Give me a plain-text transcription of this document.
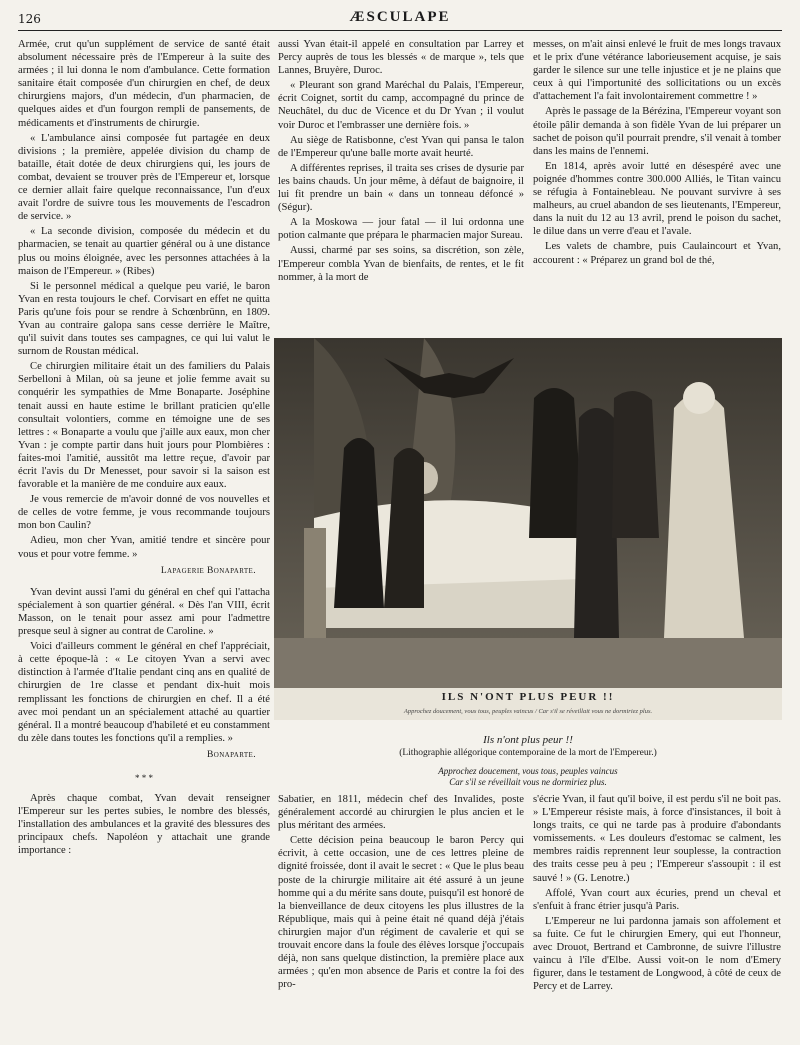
126	ÆSCULAPE

Armée, crut qu'un supplément de service de santé était absolument nécessaire près de l'Empereur à la suite des armées ; il lui donna le nom d'ambulance. Cette formation sanitaire était composée d'un chirurgien en chef, de deux chirurgiens majors, d'un médecin, d'un pharmacien, de quelques aides et d'un fourgon rempli de pansements, de médicaments et d'instruments de chirurgie.

« L'ambulance ainsi composée fut partagée en deux divisions ; la première, appelée division du champ de bataille, était dotée de deux chirurgiens qui, les jours de combat, devaient se trouver près de l'Empereur et, lorsque ce dernier allait faire quelque reconnaissance, l'un d'eux avait l'ordre de suivre tous les mouvements de l'escadron de service. »

« La seconde division, composée du médecin et du pharmacien, se tenait au quartier général ou à une distance plus ou moins éloignée, avec les personnes attachées à la maison de l'Empereur. » (Ribes)

Si le personnel médical a quelque peu varié, le baron Yvan en resta toujours le chef. Corvisart en effet ne quitta Paris qu'une fois pour se rendre à Schœnbrünn, en 1809. Yvan au contraire galopa sans cesse derrière le Maître, qu'il suivit dans toutes ses campagnes, ce qui lui valut le surnom de Roustan médical.

Ce chirurgien militaire était un des familiers du Palais Serbelloni à Milan, où sa jeune et jolie femme avait su conquérir les sympathies de Mme Bonaparte. Joséphine tenait aussi en haute estime le brillant praticien qu'elle consultait volontiers, comme en témoigne une de ses lettres : « Bonaparte a voulu que j'aille aux eaux, mon cher Yvan : je compte partir dans huit jours pour Plombières : faites-moi l'amitié, aussitôt ma lettre reçue, d'avoir par écrit l'avis du Dr Menesset, pour savoir si la saison est favorable et la manière de me conduire aux eaux.

Je vous remercie de m'avoir donné de vos nouvelles et de celles de votre femme, je vous recommande toujours mon bon Caulin?

Adieu, mon cher Yvan, amitié tendre et sincère pour vous et pour votre femme. »

Lapagerie Bonaparte.

Yvan devint aussi l'ami du général en chef qui l'attacha spécialement à son quartier général. « Dès l'an VIII, écrit Masson, on le tenait pour assez ami pour l'admettre presque seul à signer au contrat de Caroline. »

Voici d'ailleurs comment le général en chef l'appréciait, à cette époque-là : « Le citoyen Yvan a servi avec distinction à l'armée d'Italie pendant cinq ans en qualité de chirurgien de 1re classe et pendant dix-huit mois remplissant les fonctions de chirurgien en chef. Il a été avec moi pendant un an spécialement attaché au quartier général. Il a montré beaucoup d'habileté et eu constamment du zèle dans toutes les fonctions qu'il a remplies. »

Bonaparte.
* * *

Après chaque combat, Yvan devait renseigner l'Empereur sur les pertes subies, le nombre des blessés, l'installation des ambulances et la gravité des blessures des principaux chefs. Napoléon y attachait une grande importance :

aussi Yvan était-il appelé en consultation par Larrey et Percy auprès de tous les blessés « de marque », tels que Lannes, Bruyère, Duroc.

« Pleurant son grand Maréchal du Palais, l'Empereur, écrit Coignet, sortit du camp, accompagné du prince de Neuchâtel, du duc de Vicence et du Dr Yvan ; il voulut voir Duroc et l'embrasser une dernière fois. »

Au siège de Ratisbonne, c'est Yvan qui pansa le talon de l'Empereur qu'une balle morte avait heurté.

A différentes reprises, il traita ses crises de dysurie par les bains chauds. Un jour même, à défaut de baignoire, il lui fit prendre un bain « dans un tonneau défoncé » (Ségur).

A la Moskowa — jour fatal — il lui ordonna une potion calmante que prépara le pharmacien major Sureau.

Aussi, charmé par ses soins, sa discrétion, son zèle, l'Empereur combla Yvan de bienfaits, de rentes, et le fit nommer, à la mort de

messes, on m'ait ainsi enlevé le fruit de mes longs travaux et le prix d'une vétérance laborieusement acquise, je sais garder le silence sur une telle injustice et je ne plains que ceux à qui l'importunité des sollicitations ou un excès d'attachement l'a fait involontairement commettre ! »

Après le passage de la Bérézina, l'Empereur voyant son étoile pâlir demanda à son fidèle Yvan de lui préparer un sachet de poison qu'il pourrait prendre, s'il venait à tomber dans les mains de l'ennemi.

En 1814, après avoir lutté en désespéré avec une poignée d'hommes contre 300.000 Alliés, le Titan vaincu se réfugia à Fontainebleau. Ne pouvant survivre à ses malheurs, au cruel abandon de ses lieutenants, l'Empereur, dans la nuit du 12 au 13 avril, prend le poison du sachet, le dilue dans un verre d'eau et l'avale.

Les valets de chambre, puis Caulaincourt et Yvan, accourent : « Préparez un grand bol de thé,

ILS N'ONT PLUS PEUR !!
Approchez doucement, vous tous, peuples vaincus / Car s'il se réveillait vous ne dormiriez plus.
Ils n'ont plus peur !!
(Lithographie allégorique contemporaine de la mort de l'Empereur.)
Approchez doucement, vous tous, peuples vaincus
Car s'il se réveillait vous ne dormiriez plus.

Sabatier, en 1811, médecin chef des Invalides, poste généralement accordé au chirurgien le plus ancien et le plus méritant des armées.

Cette décision peina beaucoup le baron Percy qui écrivit, à cette occasion, une de ces lettres pleine de dignité froissée, dont il avait le secret : « Que le plus beau poste de la chirurgie militaire ait été assuré à un jeune homme qui a du mérite sans doute, puisqu'il est honoré de la bienveillance de deux citoyens les plus illustres de la République, mais qui à peine était né quand déjà j'étais chirurgien major d'un régiment de cavalerie et qui se trouvait encore dans la foule des élèves lorsque j'occupais déjà, non sans quelque distinction, la première place aux armées ; qu'en mon absence de Paris et contre la foi des pro-

s'écrie Yvan, il faut qu'il boive, il est perdu s'il ne boit pas. » L'Empereur résiste mais, à force d'insistances, il boit à longs traits, ce qui ne tarde pas à produire d'abondants vomissements. « Les douleurs d'estomac se calment, les membres raidis reprennent leur souplesse, la contraction des traits cesse peu à peu ; l'Empereur s'assoupit : il est sauvé ! » (G. Lenotre.)

Affolé, Yvan court aux écuries, prend un cheval et s'enfuit à franc étrier jusqu'à Paris.

L'Empereur ne lui pardonna jamais son affolement et sa fuite. Ce fut le chirurgien Emery, qui eut l'honneur, avec Drouot, Bertrand et Cambronne, de suivre l'illustre vaincu à l'île d'Elbe. Aussi voit-on le nom d'Emery figurer, dans le testament de Longwood, à côté de ceux de Percy et de Larrey.
